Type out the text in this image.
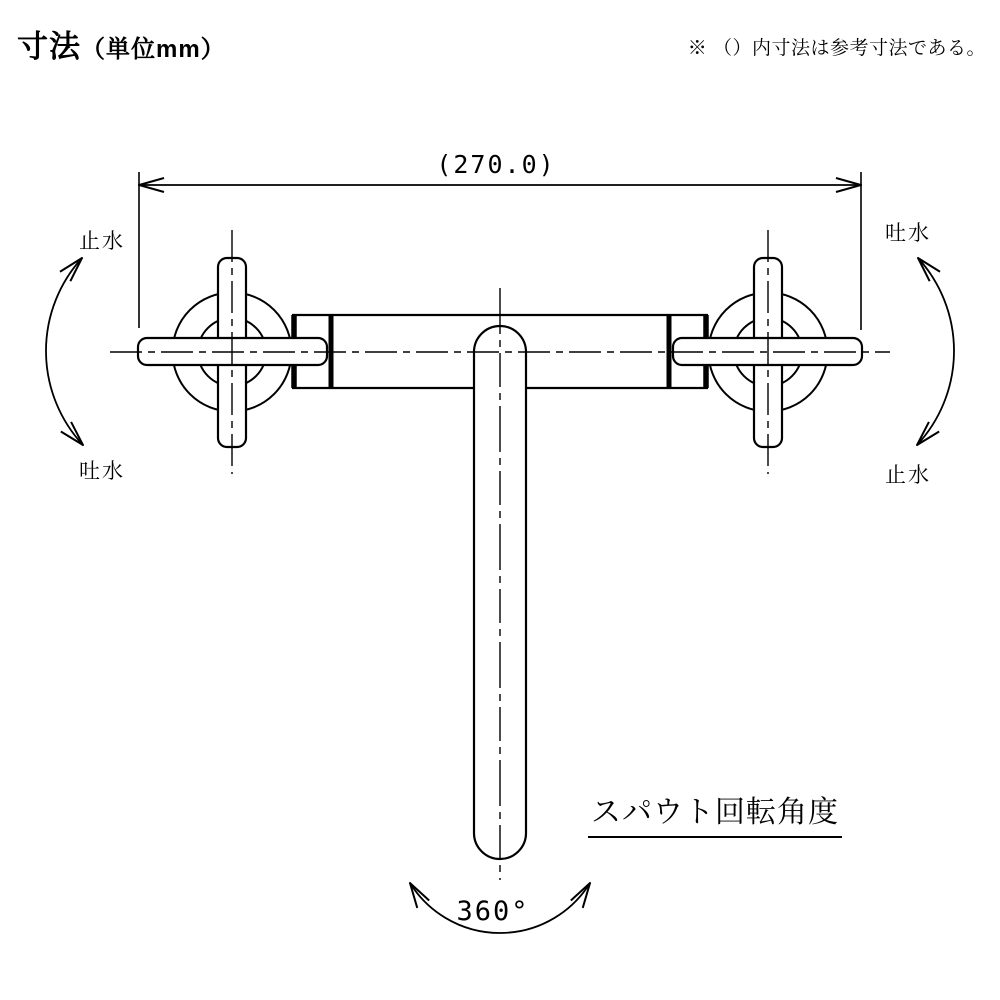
寸法（単位mm）	※ （）内寸法は参考寸法である。
(270.0)
止水
吐水
吐水
止水
スパウト回転角度
360°
